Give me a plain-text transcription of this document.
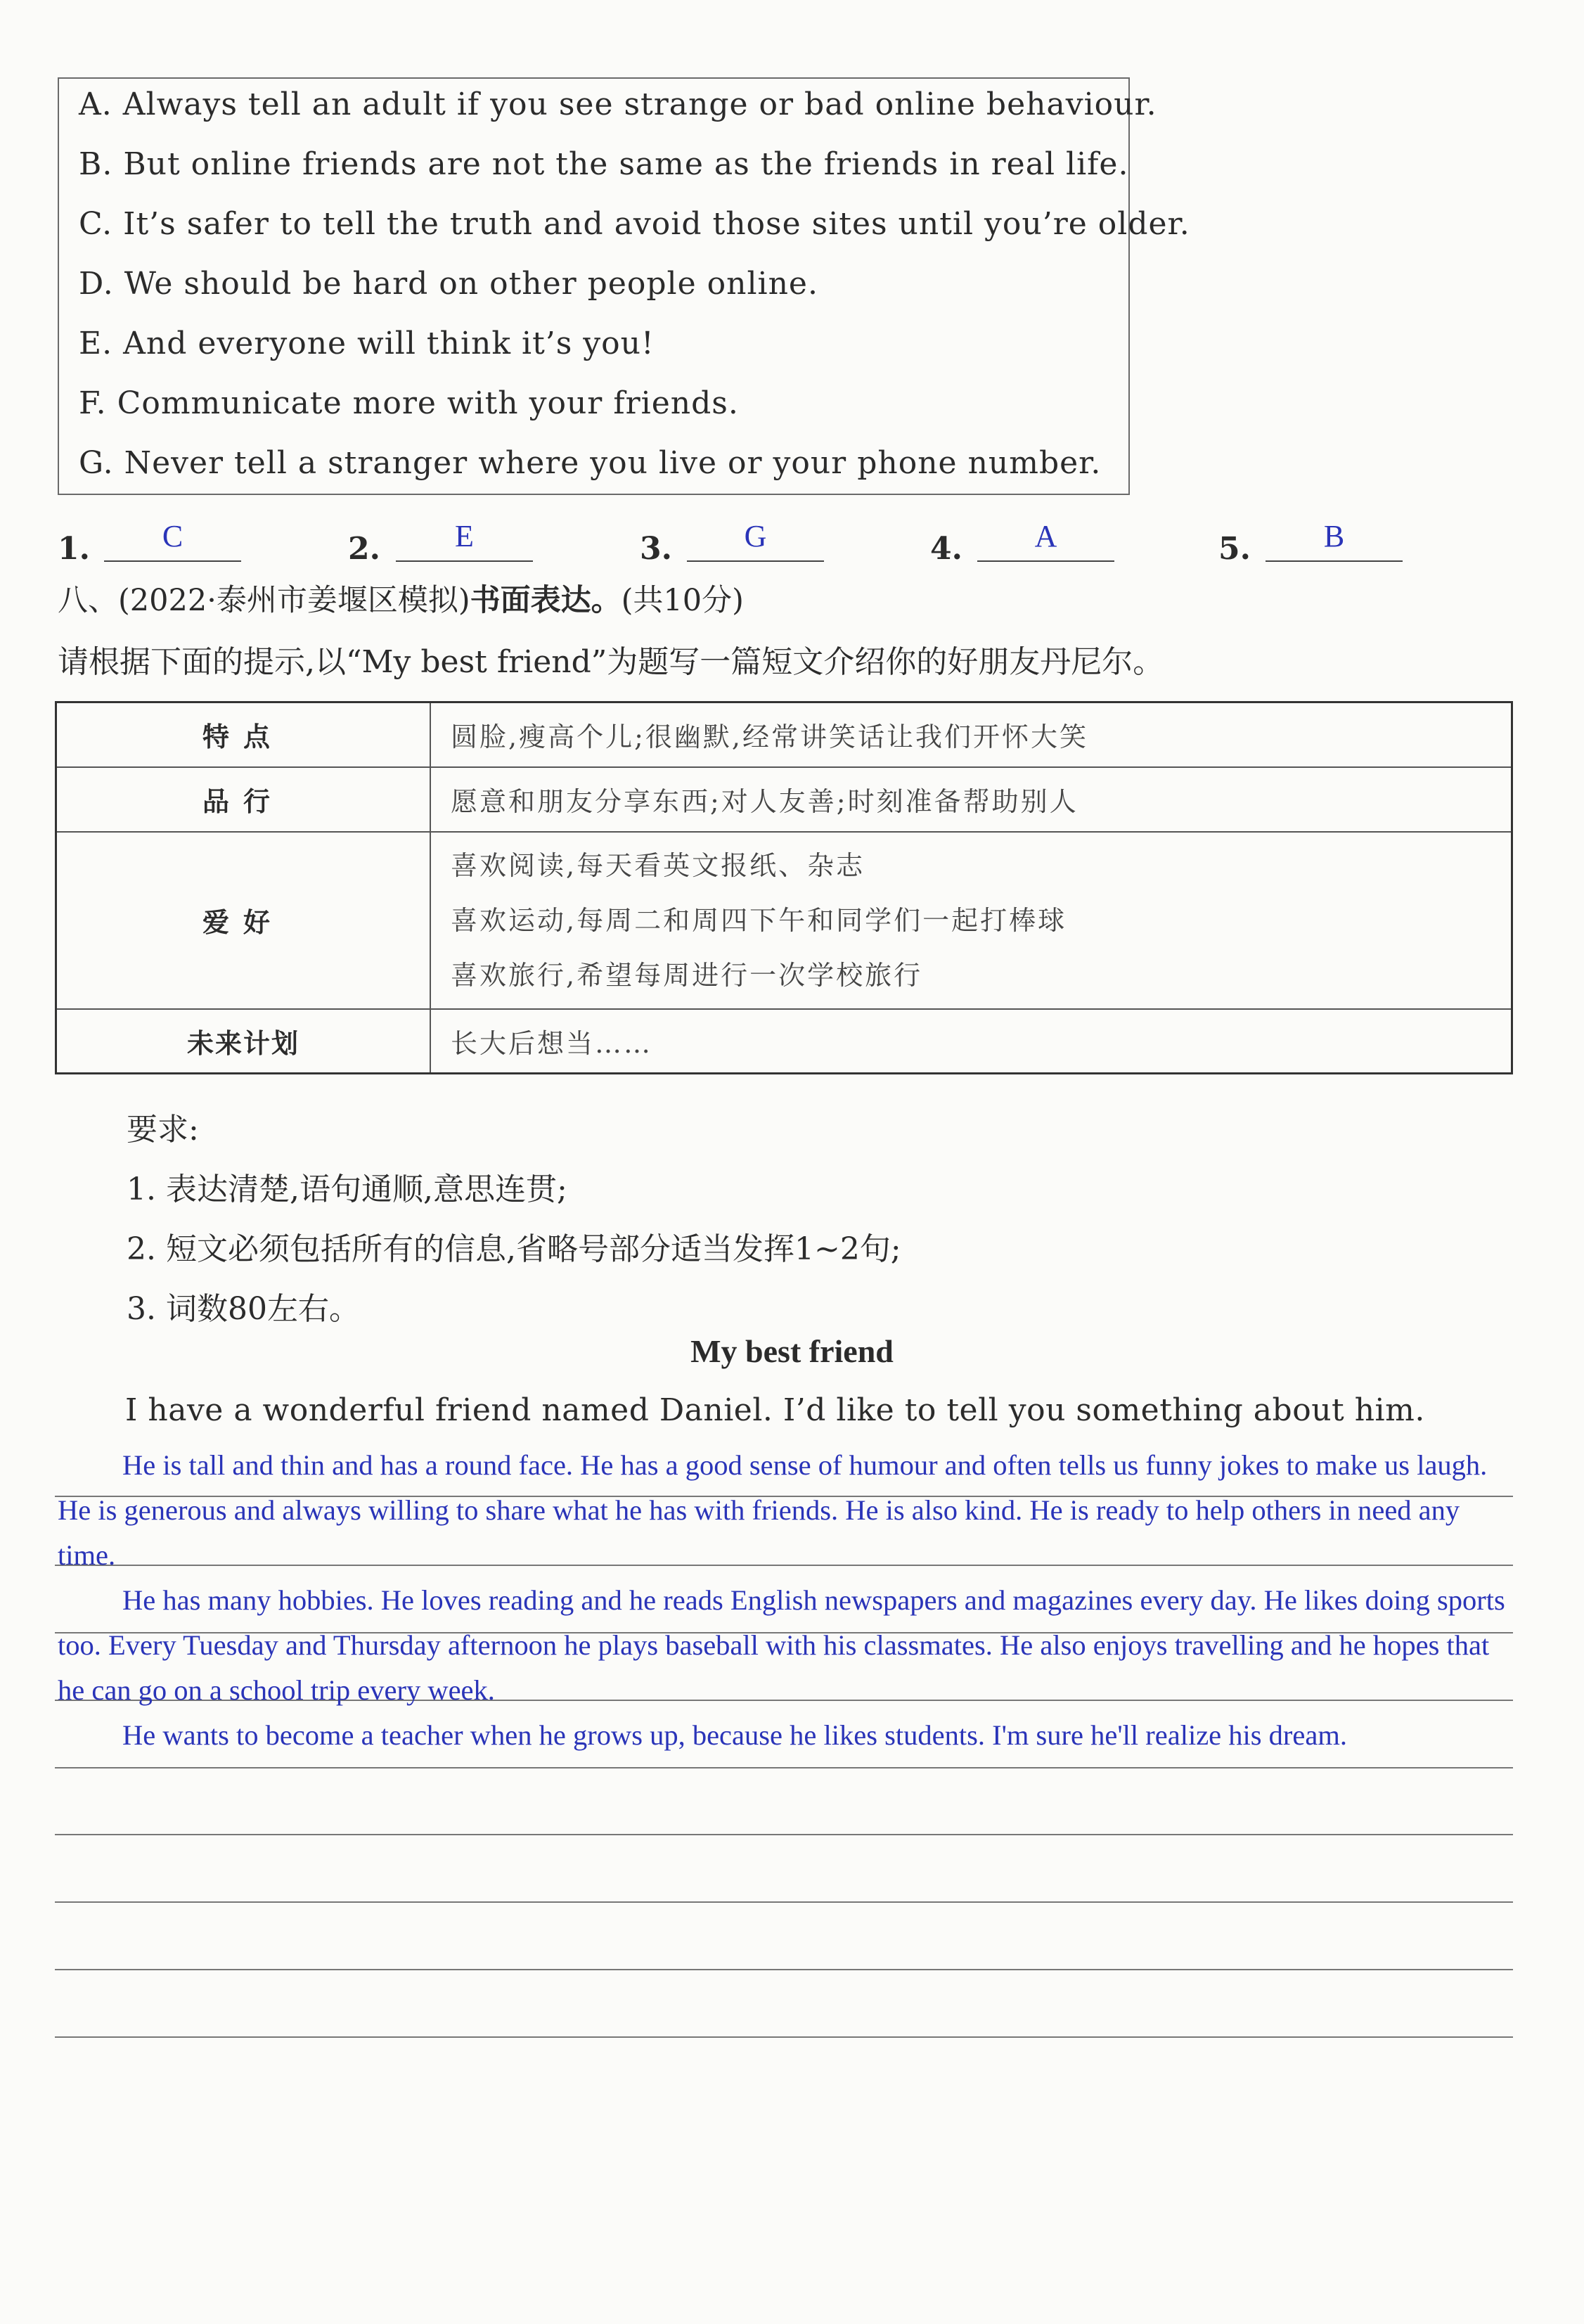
A. Always tell an adult if you see strange or bad online behaviour.
B. But online friends are not the same as the friends in real life.
C. It’s safer to tell the truth and avoid those sites until you’re older.
D. We should be hard on other people online.
E. And everyone will think it’s you!
F. Communicate more with your friends.
G. Never tell a stranger where you live or your phone number.
1.	C	2.	E	3.	G	4.	A	5.	B
八、(2022·泰州市姜堰区模拟)书面表达。(共10分)
请根据下面的提示,以“My best friend”为题写一篇短文介绍你的好朋友丹尼尔。
特点	圆脸,瘦高个儿;很幽默,经常讲笑话让我们开怀大笑
品行	愿意和朋友分享东西;对人友善;时刻准备帮助别人
爱好	喜欢阅读,每天看英文报纸、杂志
喜欢运动,每周二和周四下午和同学们一起打棒球
喜欢旅行,希望每周进行一次学校旅行

未来计划	长大后想当……
要求:
1. 表达清楚,语句通顺,意思连贯;
2. 短文必须包括所有的信息,省略号部分适当发挥1~2句;
3. 词数80左右。
My best friend
I have a wonderful friend named Daniel. I’d like to tell you something about him.

He is tall and thin and has a round face. He has a good sense of humour and often tells us funny jokes to make us laugh. He is generous and always willing to share what he has with friends. He is also kind. He is ready to help others in need any time.

He has many hobbies. He loves reading and he reads English newspapers and magazines every day. He likes doing sports too. Every Tuesday and Thursday afternoon he plays baseball with his classmates. He also enjoys travelling and he hopes that he can go on a school trip every week.

He wants to become a teacher when he grows up, because he likes students. I'm sure he'll realize his dream.
